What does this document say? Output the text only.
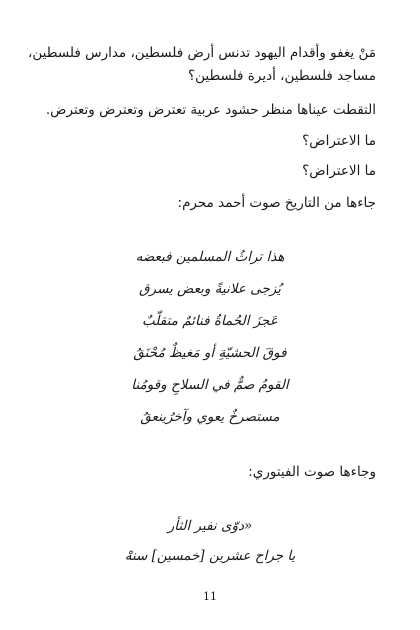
مَنْ يغفو وأقدام اليهود تدنس أرض فلسطين، مدارس فلسطين،
مساجد فلسطين، أديرة فلسطين؟
التقطت عيناها منظر حشود عربية تعترض وتعترض وتعترض.
ما الاعتراض؟
ما الاعتراض؟
جاءها من التاريخ صوت أحمد محرم:
هذا تراثُ المسلمين فبعضه
يُزجى علانيةً وبعض يسرق
عَجزَ الحُماةُ فنائمٌ متقلّبٌ
فوقَ الحشيّةِ أو مَغيظٌ مُحْنَقُ
القومُ صمٌّ في السلاحِ وقومُنا
مستصرخٌ يعوي وآخرُينعقُ
وجاءها صوت الفيتوري:
«دوّى نفير الثأر
يا جراح عشرين [خمسين] سنهْ
11
